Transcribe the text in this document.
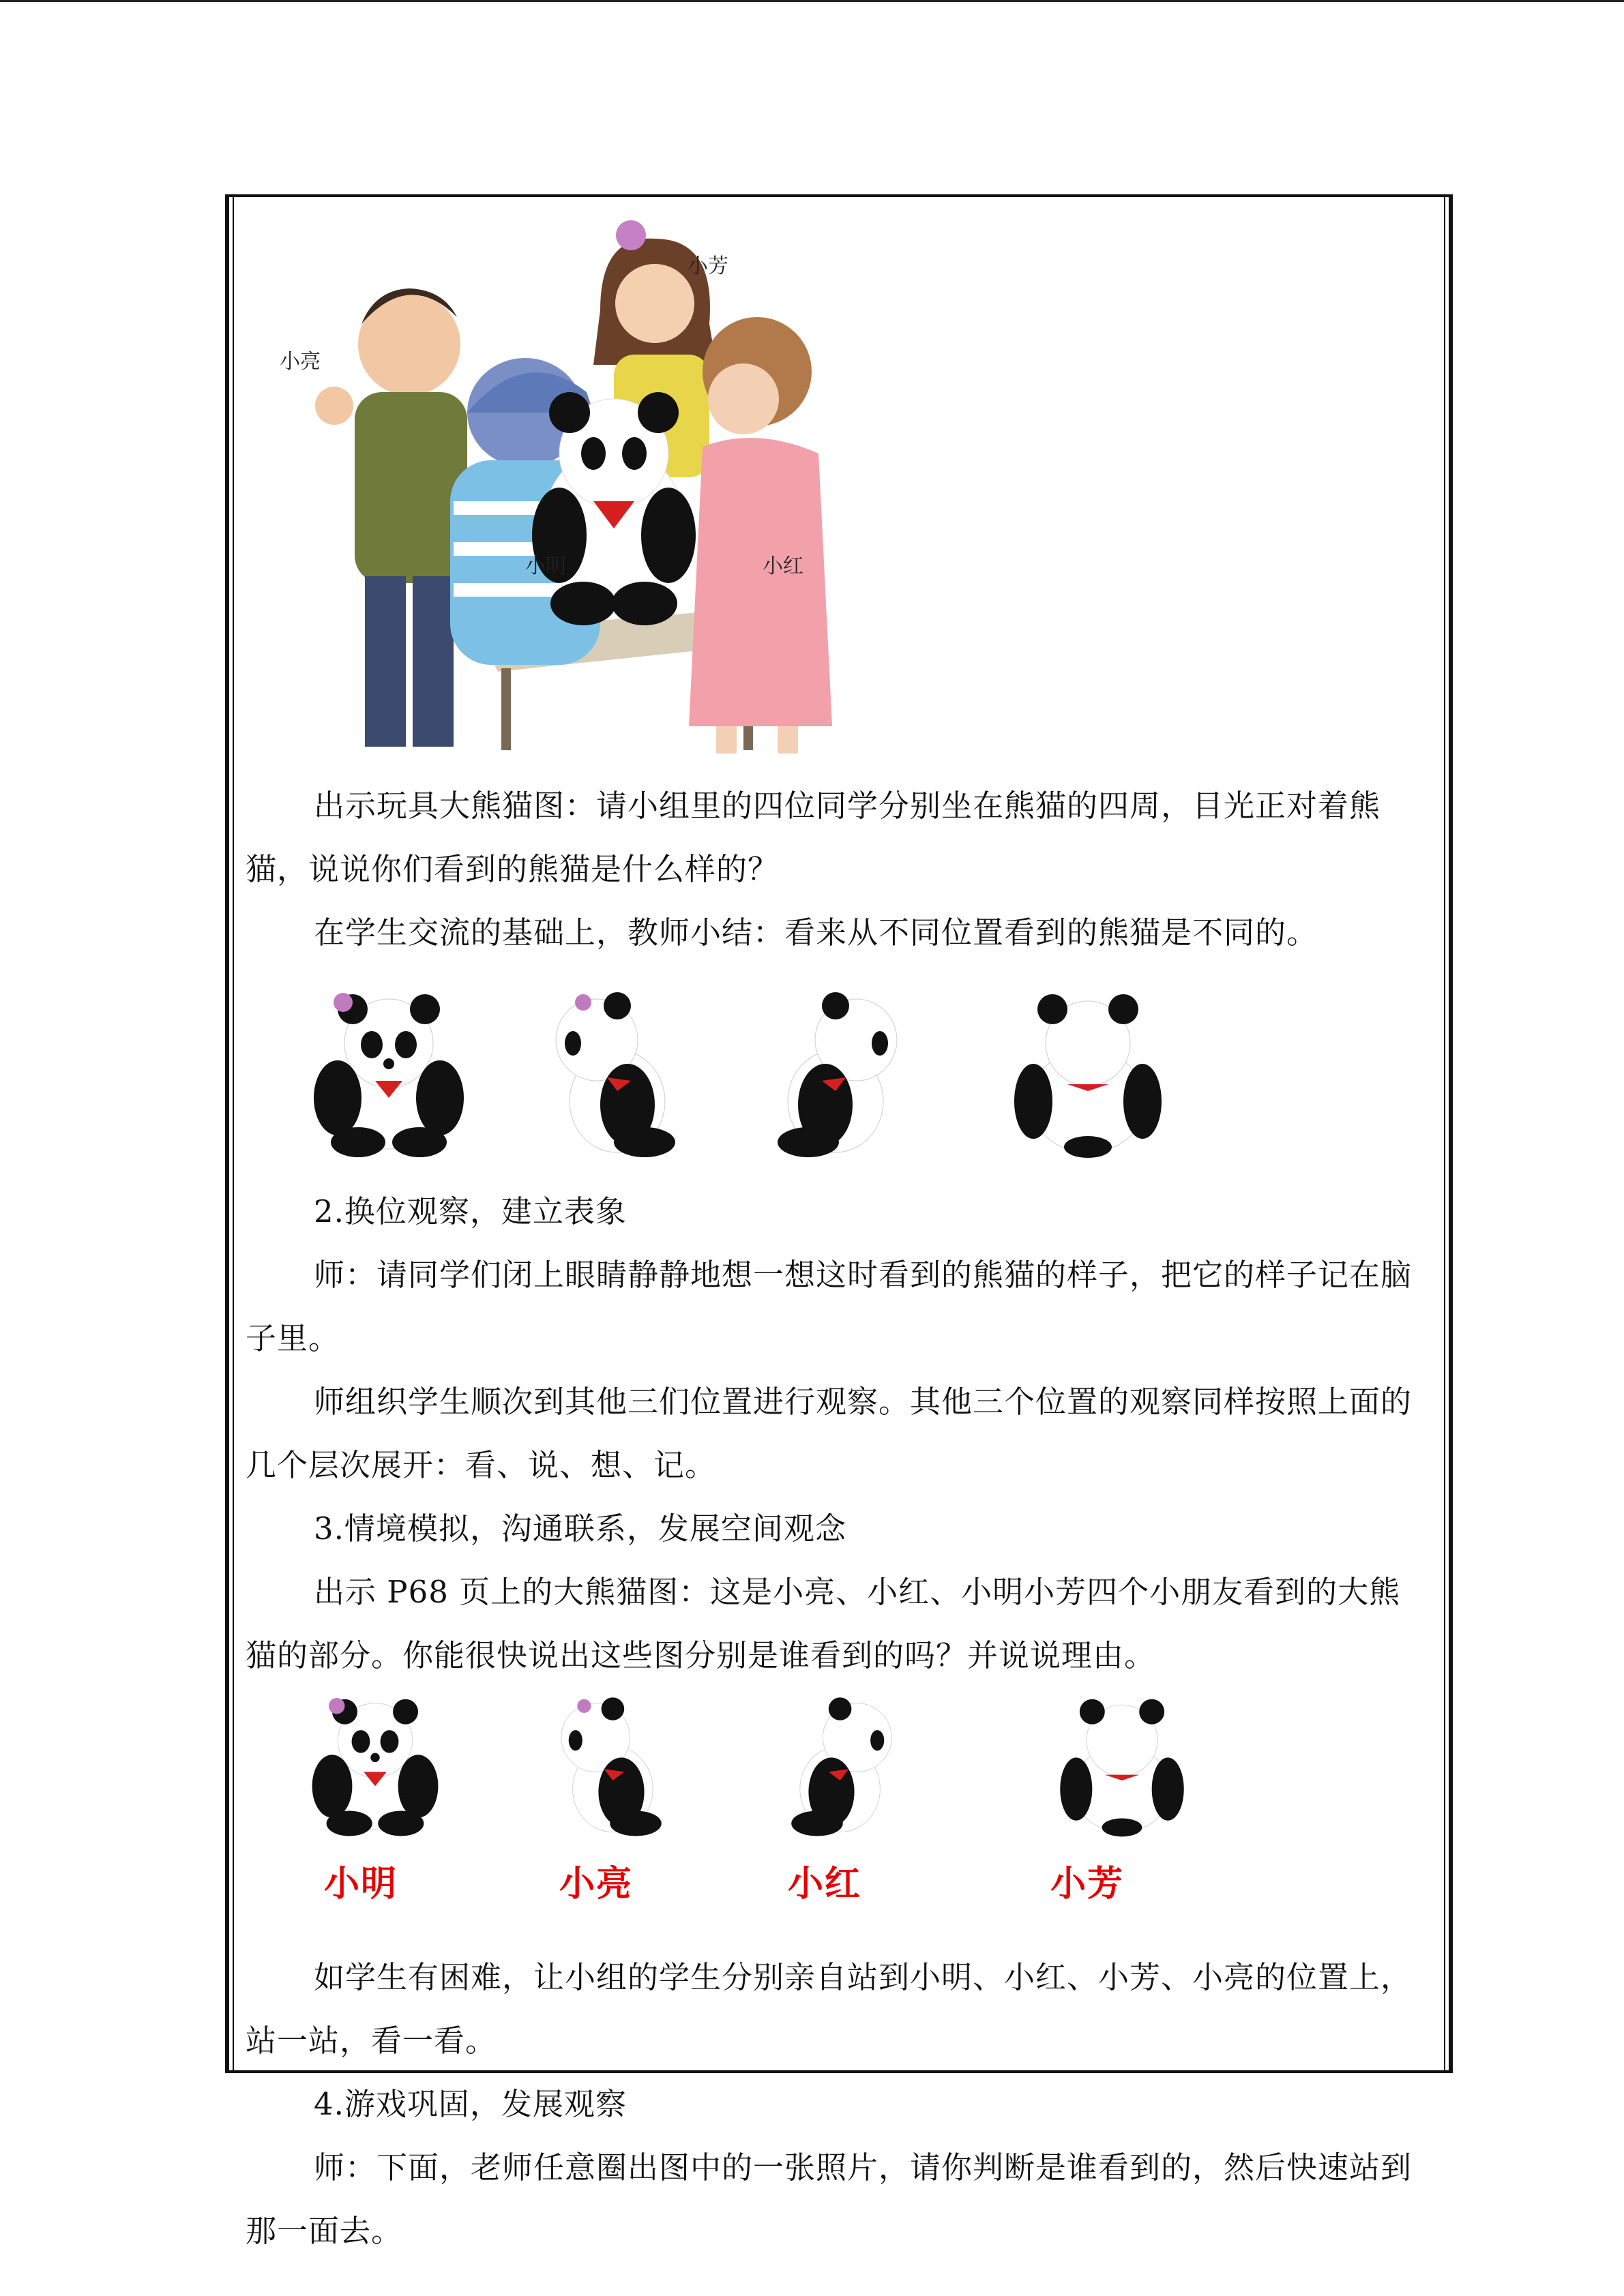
小芳
小亮
小明	小红

出示玩具大熊猫图：请小组里的四位同学分别坐在熊猫的四周，目光正对着熊猫，说说你们看到的熊猫是什么样的？

在学生交流的基础上，教师小结：看来从不同位置看到的熊猫是不同的。

2.换位观察，建立表象

师：请同学们闭上眼睛静静地想一想这时看到的熊猫的样子，把它的样子记在脑子里。

师组织学生顺次到其他三们位置进行观察。其他三个位置的观察同样按照上面的几个层次展开：看、说、想、记。

3.情境模拟，沟通联系，发展空间观念

出示 P68 页上的大熊猫图：这是小亮、小红、小明小芳四个小朋友看到的大熊猫的部分。你能很快说出这些图分别是谁看到的吗？并说说理由。

小明	小亮	小红	小芳

如学生有困难，让小组的学生分别亲自站到小明、小红、小芳、小亮的位置上，站一站，看一看。

4.游戏巩固，发展观察

师：下面，老师任意圈出图中的一张照片，请你判断是谁看到的，然后快速站到那一面去。
